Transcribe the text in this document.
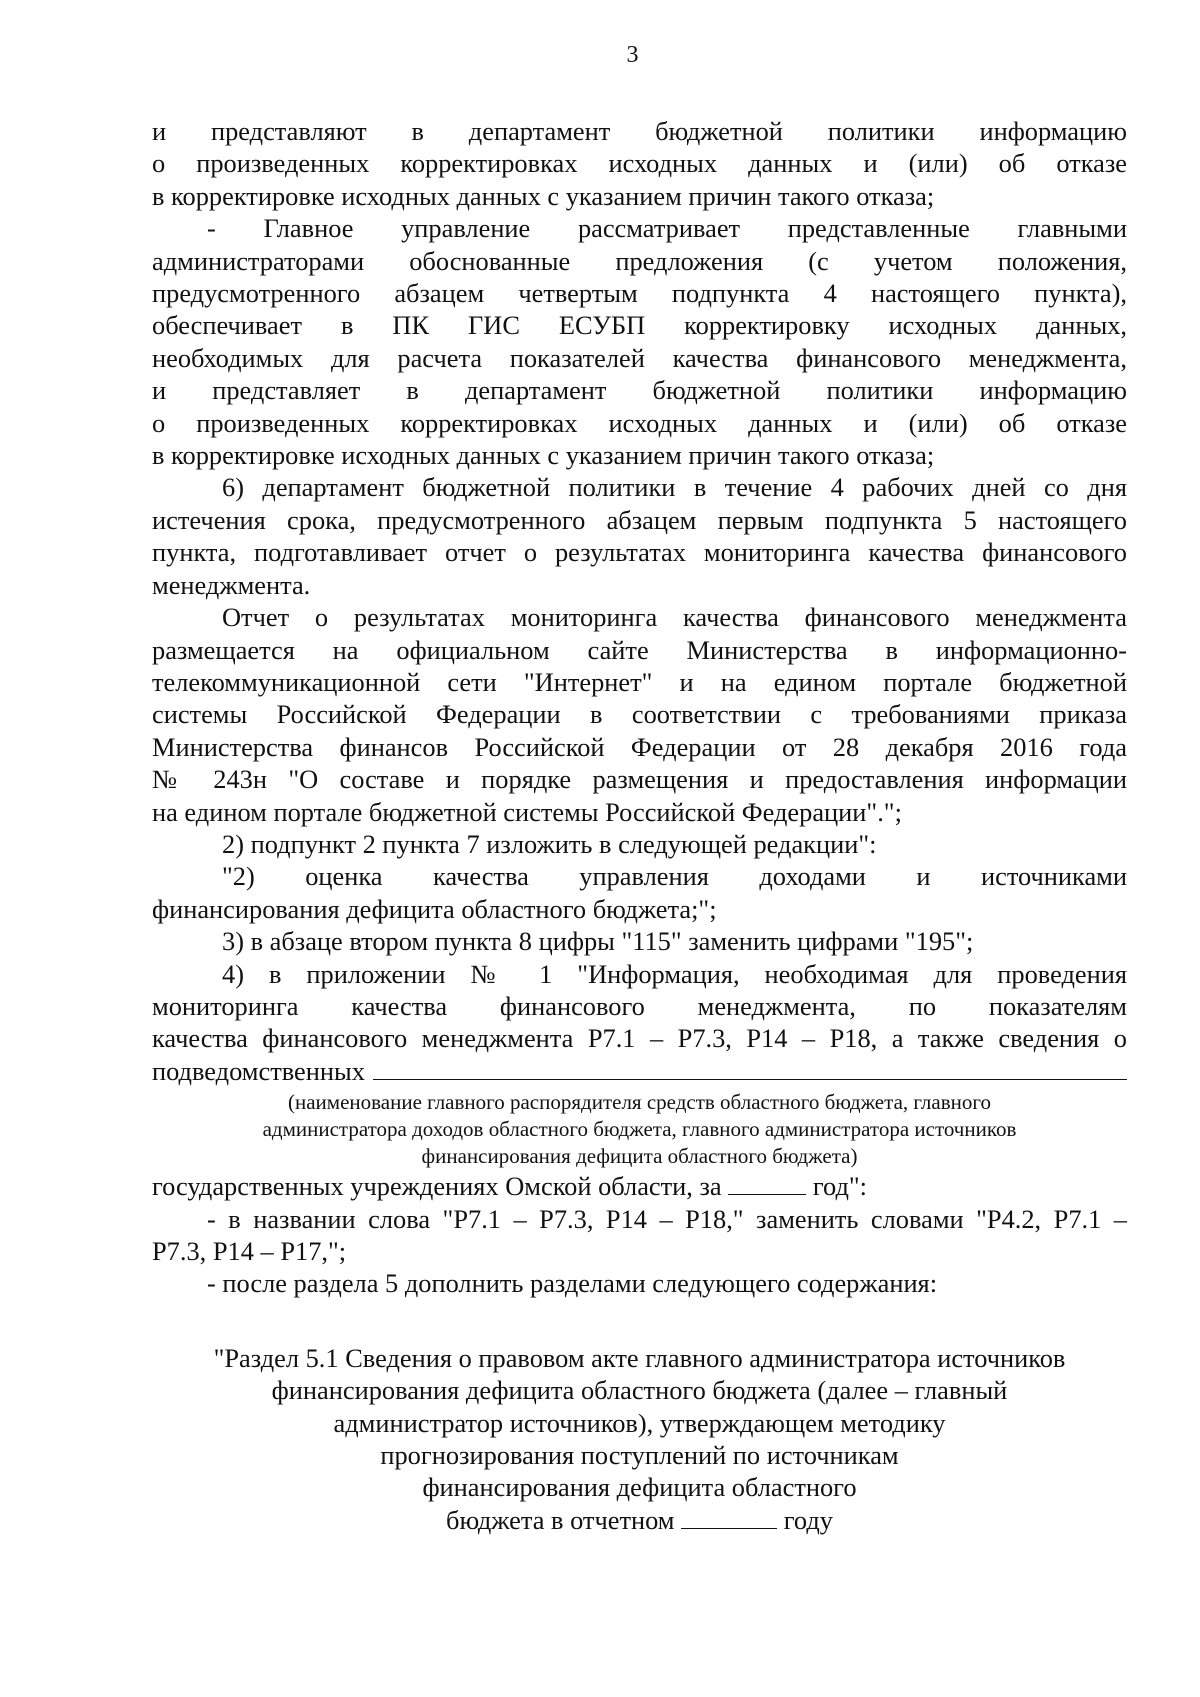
3
и представляют в департамент бюджетной политики информацию
о произведенных корректировках исходных данных и (или) об отказе
в корректировке исходных данных с указанием причин такого отказа;
- Главное управление рассматривает представленные главными
администраторами обоснованные предложения (с учетом положения,
предусмотренного абзацем четвертым подпункта 4 настоящего пункта),
обеспечивает в ПК ГИС ЕСУБП корректировку исходных данных,
необходимых для расчета показателей качества финансового менеджмента,
и представляет в департамент бюджетной политики информацию
о произведенных корректировках исходных данных и (или) об отказе
в корректировке исходных данных с указанием причин такого отказа;
6) департамент бюджетной политики в течение 4 рабочих дней со дня
истечения срока, предусмотренного абзацем первым подпункта 5 настоящего
пункта, подготавливает отчет о результатах мониторинга качества финансового
менеджмента.
Отчет о результатах мониторинга качества финансового менеджмента
размещается на официальном сайте Министерства в информационно-
телекоммуникационной сети "Интернет" и на едином портале бюджетной
системы Российской Федерации в соответствии с требованиями приказа
Министерства финансов Российской Федерации от 28 декабря 2016 года
№ 243н "О составе и порядке размещения и предоставления информации
на едином портале бюджетной системы Российской Федерации".";
2) подпункт 2 пункта 7 изложить в следующей редакции":
"2) оценка качества управления доходами и источниками
финансирования дефицита областного бюджета;";
3) в абзаце втором пункта 8 цифры "115" заменить цифрами "195";
4) в приложении № 1 "Информация, необходимая для проведения
мониторинга качества финансового менеджмента, по показателям
качества финансового менеджмента Р7.1 – Р7.3, Р14 – Р18, а также сведения о
подведомственных
(наименование главного распорядителя средств областного бюджета, главного
администратора доходов областного бюджета, главного администратора источников
финансирования дефицита областного бюджета)
государственных учреждениях Омской области, за	год":
- в названии слова "Р7.1 – Р7.3, Р14 – Р18," заменить словами "Р4.2, Р7.1 –
Р7.3, Р14 – Р17,";
- после раздела 5 дополнить разделами следующего содержания:
"Раздел 5.1 Сведения о правовом акте главного администратора источников
финансирования дефицита областного бюджета (далее – главный
администратор источников), утверждающем методику
прогнозирования поступлений по источникам
финансирования дефицита областного
бюджета в отчетном	году
